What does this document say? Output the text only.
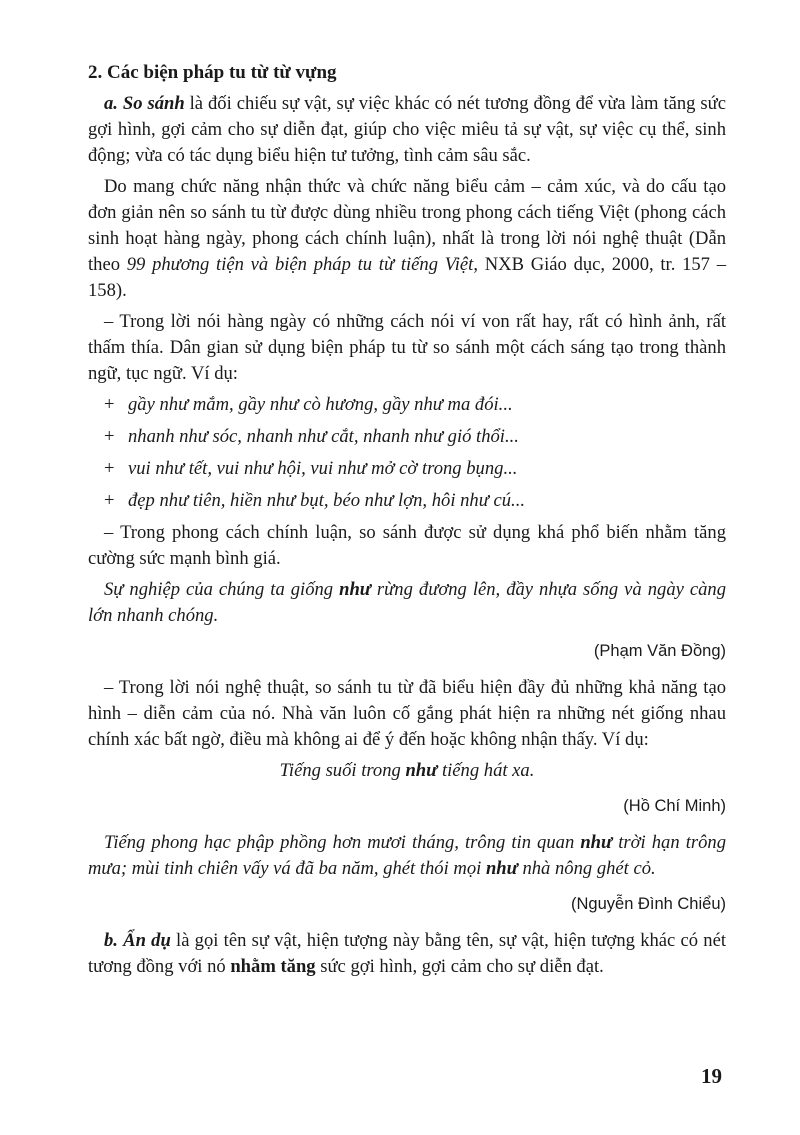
2. Các biện pháp tu từ từ vựng

a. So sánh là đối chiếu sự vật, sự việc khác có nét tương đồng để vừa làm tăng sức gợi hình, gợi cảm cho sự diễn đạt, giúp cho việc miêu tả sự vật, sự việc cụ thể, sinh động; vừa có tác dụng biểu hiện tư tưởng, tình cảm sâu sắc.

Do mang chức năng nhận thức và chức năng biểu cảm – cảm xúc, và do cấu tạo đơn giản nên so sánh tu từ được dùng nhiều trong phong cách tiếng Việt (phong cách sinh hoạt hàng ngày, phong cách chính luận), nhất là trong lời nói nghệ thuật (Dẫn theo 99 phương tiện và biện pháp tu từ tiếng Việt, NXB Giáo dục, 2000, tr. 157 – 158).

– Trong lời nói hàng ngày có những cách nói ví von rất hay, rất có hình ảnh, rất thấm thía. Dân gian sử dụng biện pháp tu từ so sánh một cách sáng tạo trong thành ngữ, tục ngữ. Ví dụ:

+ gầy như mắm, gầy như cò hương, gầy như ma đói...
+ nhanh như sóc, nhanh như cắt, nhanh như gió thổi...
+ vui như tết, vui như hội, vui như mở cờ trong bụng...
+ đẹp như tiên, hiền như bụt, béo như lợn, hôi như cú...

– Trong phong cách chính luận, so sánh được sử dụng khá phổ biến nhằm tăng cường sức mạnh bình giá.

Sự nghiệp của chúng ta giống như rừng đương lên, đầy nhựa sống và ngày càng lớn nhanh chóng.

(Phạm Văn Đồng)

– Trong lời nói nghệ thuật, so sánh tu từ đã biểu hiện đầy đủ những khả năng tạo hình – diễn cảm của nó. Nhà văn luôn cố gắng phát hiện ra những nét giống nhau chính xác bất ngờ, điều mà không ai để ý đến hoặc không nhận thấy. Ví dụ:

Tiếng suối trong như tiếng hát xa.

(Hồ Chí Minh)

Tiếng phong hạc phập phồng hơn mươi tháng, trông tin quan như trời hạn trông mưa; mùi tinh chiên vấy vá đã ba năm, ghét thói mọi như nhà nông ghét cỏ.

(Nguyễn Đình Chiểu)

b. Ẩn dụ là gọi tên sự vật, hiện tượng này bằng tên, sự vật, hiện tượng khác có nét tương đồng với nó nhằm tăng sức gợi hình, gợi cảm cho sự diễn đạt.

19
